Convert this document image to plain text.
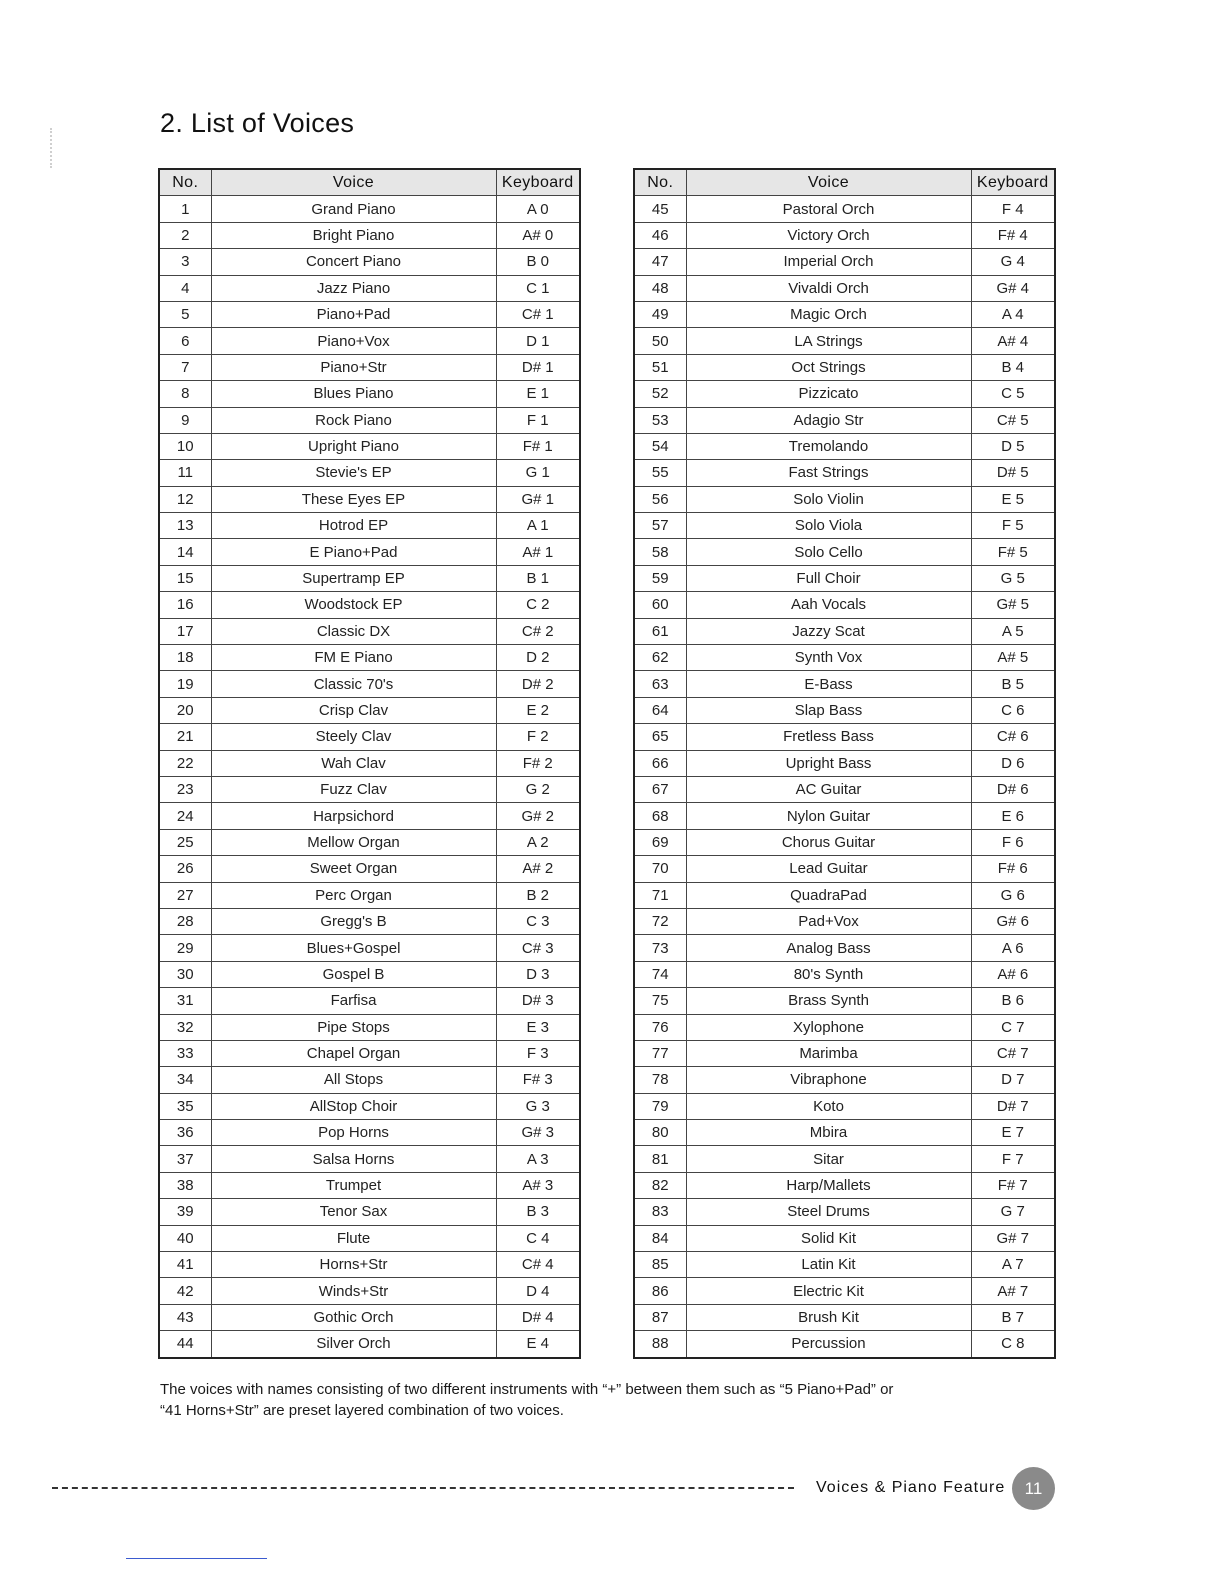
2. List of Voices
No.	Voice	Keyboard
1	Grand Piano	A 0
2	Bright Piano	A# 0
3	Concert Piano	B 0
4	Jazz Piano	C 1
5	Piano+Pad	C# 1
6	Piano+Vox	D 1
7	Piano+Str	D# 1
8	Blues Piano	E 1
9	Rock Piano	F 1
10	Upright Piano	F# 1
11	Stevie's EP	G 1
12	These Eyes EP	G# 1
13	Hotrod EP	A 1
14	E Piano+Pad	A# 1
15	Supertramp EP	B 1
16	Woodstock EP	C 2
17	Classic DX	C# 2
18	FM E Piano	D 2
19	Classic 70's	D# 2
20	Crisp Clav	E 2
21	Steely Clav	F 2
22	Wah Clav	F# 2
23	Fuzz Clav	G 2
24	Harpsichord	G# 2
25	Mellow Organ	A 2
26	Sweet Organ	A# 2
27	Perc Organ	B 2
28	Gregg's B	C 3
29	Blues+Gospel	C# 3
30	Gospel B	D 3
31	Farfisa	D# 3
32	Pipe Stops	E 3
33	Chapel Organ	F 3
34	All Stops	F# 3
35	AllStop Choir	G 3
36	Pop Horns	G# 3
37	Salsa Horns	A 3
38	Trumpet	A# 3
39	Tenor Sax	B 3
40	Flute	C 4
41	Horns+Str	C# 4
42	Winds+Str	D 4
43	Gothic Orch	D# 4
44	Silver Orch	E 4
No.	Voice	Keyboard
45	Pastoral Orch	F 4
46	Victory Orch	F# 4
47	Imperial Orch	G 4
48	Vivaldi Orch	G# 4
49	Magic Orch	A 4
50	LA Strings	A# 4
51	Oct Strings	B 4
52	Pizzicato	C 5
53	Adagio Str	C# 5
54	Tremolando	D 5
55	Fast Strings	D# 5
56	Solo Violin	E 5
57	Solo Viola	F 5
58	Solo Cello	F# 5
59	Full Choir	G 5
60	Aah Vocals	G# 5
61	Jazzy Scat	A 5
62	Synth Vox	A# 5
63	E-Bass	B 5
64	Slap Bass	C 6
65	Fretless Bass	C# 6
66	Upright Bass	D 6
67	AC Guitar	D# 6
68	Nylon Guitar	E 6
69	Chorus Guitar	F 6
70	Lead Guitar	F# 6
71	QuadraPad	G 6
72	Pad+Vox	G# 6
73	Analog Bass	A 6
74	80's Synth	A# 6
75	Brass Synth	B 6
76	Xylophone	C 7
77	Marimba	C# 7
78	Vibraphone	D 7
79	Koto	D# 7
80	Mbira	E 7
81	Sitar	F 7
82	Harp/Mallets	F# 7
83	Steel Drums	G 7
84	Solid Kit	G# 7
85	Latin Kit	A 7
86	Electric Kit	A# 7
87	Brush Kit	B 7
88	Percussion	C 8

The voices with names consisting of two different instruments with “+” between them such as “5 Piano+Pad” or
“41 Horns+Str” are preset layered combination of two voices.

Voices & Piano Feature	11
